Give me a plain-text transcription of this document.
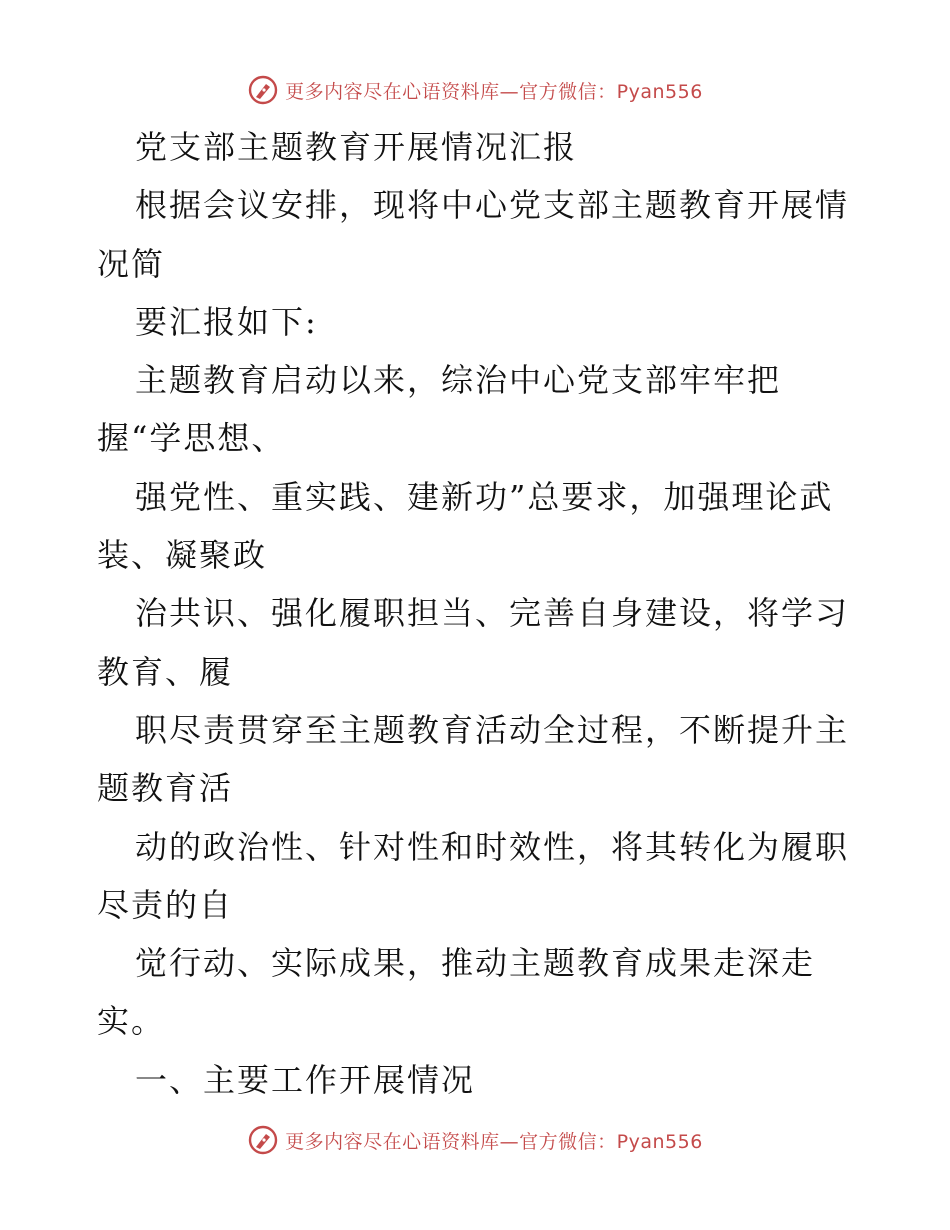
更多内容尽在心语资料库—官方微信：Pyan556
党支部主题教育开展情况汇报
根据会议安排，现将中心党支部主题教育开展情
况简
要汇报如下:
主题教育启动以来，综治中心党支部牢牢把
握“学思想、
强党性、重实践、建新功”总要求，加强理论武
装、凝聚政
治共识、强化履职担当、完善自身建设，将学习
教育、履
职尽责贯穿至主题教育活动全过程，不断提升主
题教育活
动的政治性、针对性和时效性，将其转化为履职
尽责的自
觉行动、实际成果，推动主题教育成果走深走
实。
一、主要工作开展情况
更多内容尽在心语资料库—官方微信：Pyan556
